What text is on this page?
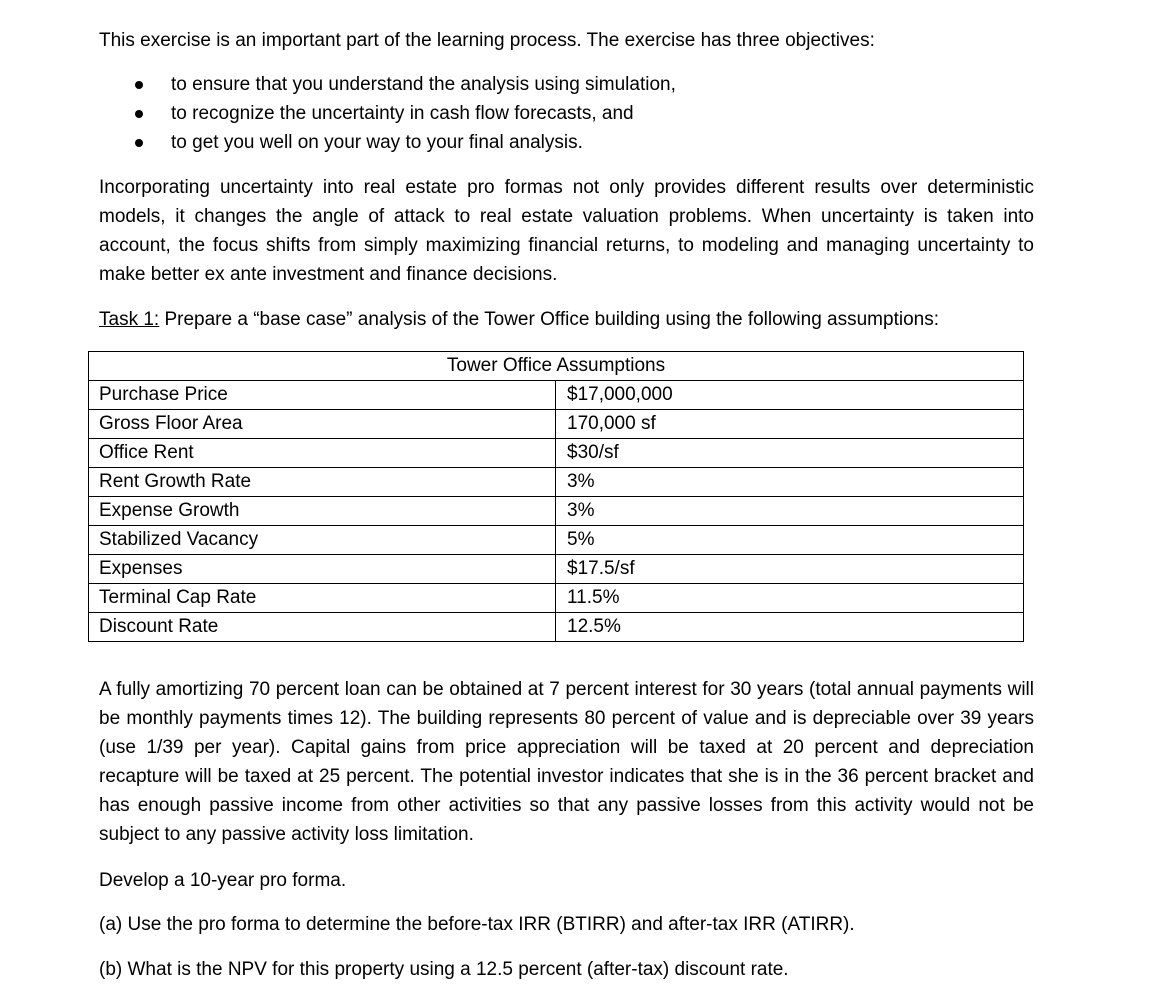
This exercise is an important part of the learning process. The exercise has three objectives:

to ensure that you understand the analysis using simulation,
to recognize the uncertainty in cash flow forecasts, and
to get you well on your way to your final analysis.

Incorporating uncertainty into real estate pro formas not only provides different results over deterministic models, it changes the angle of attack to real estate valuation problems. When uncertainty is taken into account, the focus shifts from simply maximizing financial returns, to modeling and managing uncertainty to make better ex ante investment and finance decisions.

Task 1: Prepare a “base case” analysis of the Tower Office building using the following assumptions:

Tower Office Assumptions
Purchase Price	$17,000,000
Gross Floor Area	170,000 sf
Office Rent	$30/sf
Rent Growth Rate	3%
Expense Growth	3%
Stabilized Vacancy	5%
Expenses	$17.5/sf
Terminal Cap Rate	11.5%
Discount Rate	12.5%

A fully amortizing 70 percent loan can be obtained at 7 percent interest for 30 years (total annual payments will be monthly payments times 12). The building represents 80 percent of value and is depreciable over 39 years (use 1/39 per year). Capital gains from price appreciation will be taxed at 20 percent and depreciation recapture will be taxed at 25 percent. The potential investor indicates that she is in the 36 percent bracket and has enough passive income from other activities so that any passive losses from this activity would not be subject to any passive activity loss limitation.

Develop a 10-year pro forma.

(a) Use the pro forma to determine the before-tax IRR (BTIRR) and after-tax IRR (ATIRR).

(b) What is the NPV for this property using a 12.5 percent (after-tax) discount rate.
